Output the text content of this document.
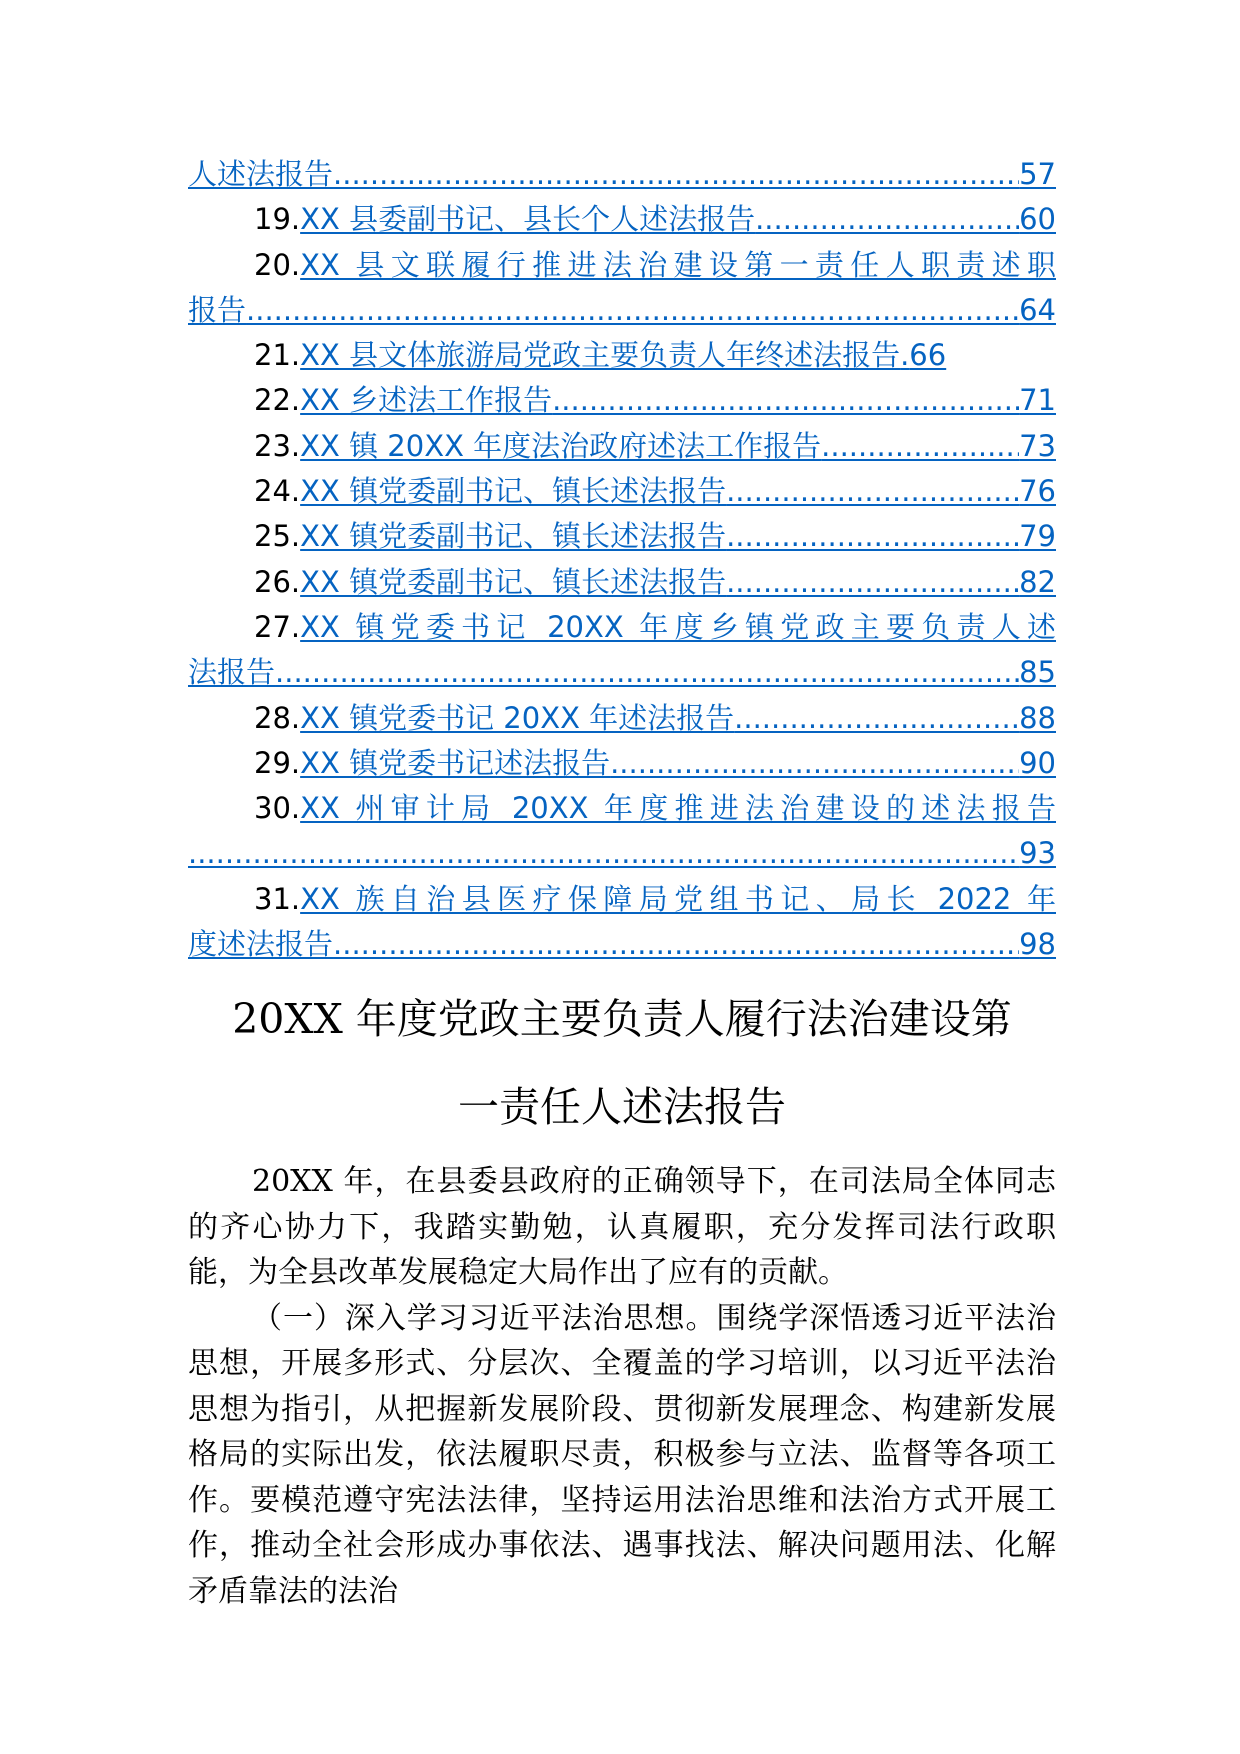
人述法报告 .....	57
19. XX 县委副书记、县长个人述法报告 .....	60
20.XX 县文联履行推进法治建设第一责任人职责述职
报告 .....	64
21. XX 县文体旅游局党政主要负责人年终述法报告 .66
22. XX 乡述法工作报告 .....	71
23. XX 镇 20XX 年度法治政府述法工作报告 .....	73
24. XX 镇党委副书记、镇长述法报告 .....	76
25. XX 镇党委副书记、镇长述法报告 .....	79
26. XX 镇党委副书记、镇长述法报告 .....	82
27.XX 镇党委书记 20XX 年度乡镇党政主要负责人述
法报告 .....	85
28. XX 镇党委书记 20XX 年述法报告 .....	88
29. XX 镇党委书记述法报告 .....	90
30.XX 州审计局 20XX 年度推进法治建设的述法报告
.....
93
31.XX 族自治县医疗保障局党组书记、局长 2022 年
度述法报告 .....	98
20XX 年度党政主要负责人履行法治建设第
一责任人述法报告

20XX 年，在县委县政府的正确领导下，在司法局全体同志的齐心协力下，我踏实勤勉，认真履职，充分发挥司法行政职能，为全县改革发展稳定大局作出了应有的贡献。

（一）深入学习习近平法治思想。围绕学深悟透习近平法治思想，开展多形式、分层次、全覆盖的学习培训，以习近平法治思想为指引，从把握新发展阶段、贯彻新发展理念、构建新发展格局的实际出发，依法履职尽责，积极参与立法、监督等各项工作。要模范遵守宪法法律，坚持运用法治思维和法治方式开展工作，推动全社会形成办事依法、遇事找法、解决问题用法、化解矛盾靠法的法治
